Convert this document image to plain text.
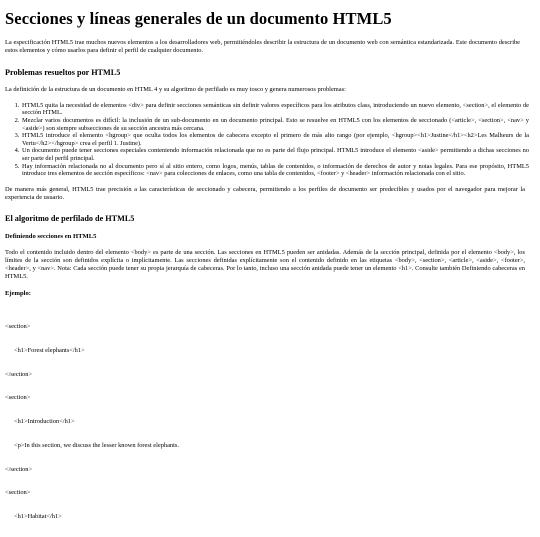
Secciones y líneas generales de un documento HTML5

La especificación HTML5 trae muchos nuevos elementos a los desarrolladores web, permitiéndoles describir la estructura de un documento web con semántica estandarizada. Este documento describe estos elementos y cómo usarlos para definir el perfil de cualquier documento.

Problemas resueltos por HTML5

La definición de la estructura de un documento en HTML 4 y su algoritmo de perfilado es muy tosco y genera numerosos problemas:

1. HTML5 quita la necesidad de elementos <div> para definir secciones semánticas sin definir valores específicos para los atributos class, introduciendo un nuevo elemento, <section>, el elemento de sección HTML.
2. Mezclar varios documentos es difícil: la inclusión de un sub-documento en un documento principal. Esto se resuelve en HTML5 con los elementos de seccionado (<article>, <section>, <nav> y <aside>) son siempre subsecciones de su sección ancestra más cercana.
3. HTML5 introduce el elemento <hgroup> que oculta todos los elementos de cabecera excepto el primero de más alto rango (por ejemplo, <hgroup><h1>Justine</h1><h2>Les Malheurs de la Vertu</h2></hgroup> crea el perfil 1. Justine).
4. Un documento puede tener secciones especiales conteniendo información relacionada que no es parte del flujo principal. HTML5 introduce el elemento <aside> permitiendo a dichas secciones no ser parte del perfil principal.
5. Hay información relacionada no al documento pero sí al sitio entero, como logos, menús, tablas de contenidos, o información de derechos de autor y notas legales. Para ese propósito, HTML5 introduce tres elementos de sección específicos: <nav> para colecciones de enlaces, como una tabla de contenidos, <footer> y <header> información relacionada con el sitio.

De manera más general, HTML5 trae precisión a las características de seccionado y cabecera, permitiendo a los perfiles de documento ser predecibles y usados por el navegador para mejorar la experiencia de usuario.

El algoritmo de perfilado de HTML5
Definiendo secciones en HTML5

Todo el contenido incluido dentro del elemento <body> es parte de una sección. Las secciones en HTML5 pueden ser anidadas. Además de la sección principal, definida por el elemento <body>, los límites de la sección son definidos explícita o implícitamente. Las secciones definidas explícitamente son el contenido definido en las etiquetas <body>, <section>, <article>, <aside>, <footer>, <header>, y <nav>. Nota: Cada sección puede tener su propia jerarquía de cabeceras. Por lo tanto, incluso una sección anidada puede tener un elemento <h1>. Consulte también Definiendo cabeceras en HTML5.

Ejemplo:

<section>

<h1>Forest elephants</h1>

</section>

<section>

<h1>Introduction</h1>

<p>In this section, we discuss the lesser known forest elephants.

</section>

<section>

<h1>Habitat</h1>
